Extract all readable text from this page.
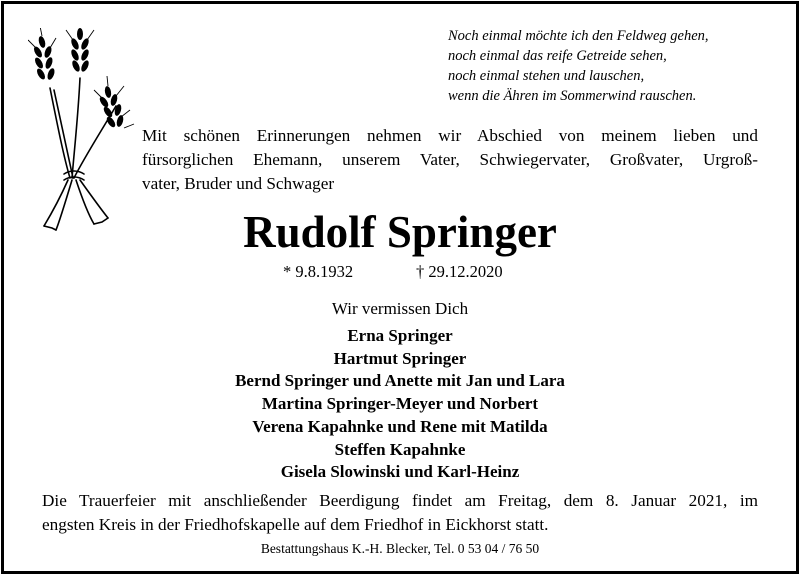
Noch einmal möchte ich den Feldweg gehen,
noch einmal das reife Getreide sehen,
noch einmal stehen und lauschen,
wenn die Ähren im Sommerwind rauschen.
Mit schönen Erinnerungen nehmen wir Abschied von meinem lieben und
fürsorglichen Ehemann, unserem Vater, Schwiegervater, Großvater, Urgroß-
vater, Bruder und Schwager
Rudolf Springer
* 9.8.1932	† 29.12.2020
Wir vermissen Dich
Erna Springer
Hartmut Springer
Bernd Springer und Anette mit Jan und Lara
Martina Springer-Meyer und Norbert
Verena Kapahnke und Rene mit Matilda
Steffen Kapahnke
Gisela Slowinski und Karl-Heinz
Die Trauerfeier mit anschließender Beerdigung findet am Freitag, dem 8. Januar 2021, im
engsten Kreis in der Friedhofskapelle auf dem Friedhof in Eickhorst statt.
Bestattungshaus K.-H. Blecker, Tel. 0 53 04 / 76 50
